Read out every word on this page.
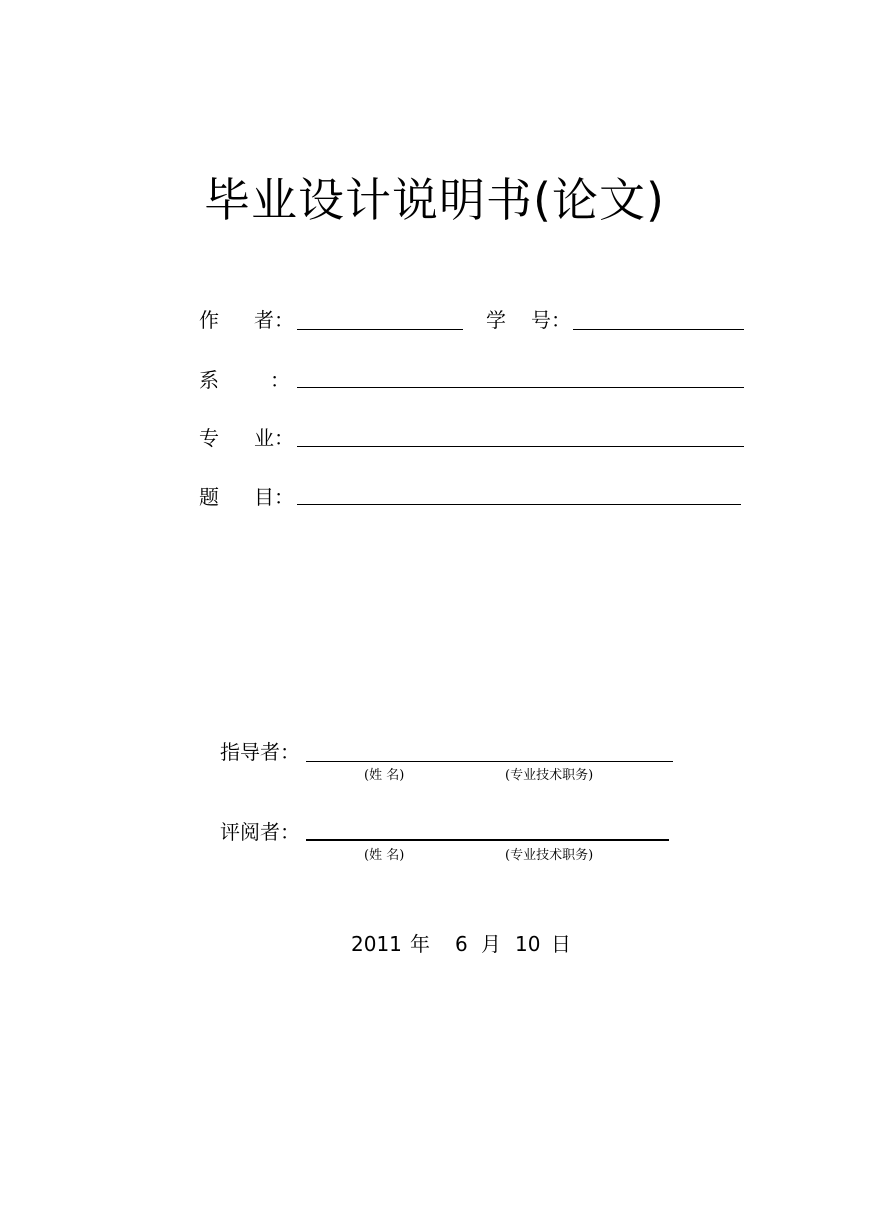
毕业设计说明书(论文)
作 者：	学 号：
系	：
专 业：
题 目：
指导者：
(姓 名)	(专业技术职务)
评阅者：
(姓 名)	(专业技术职务)
2011 年 6 月 10 日
